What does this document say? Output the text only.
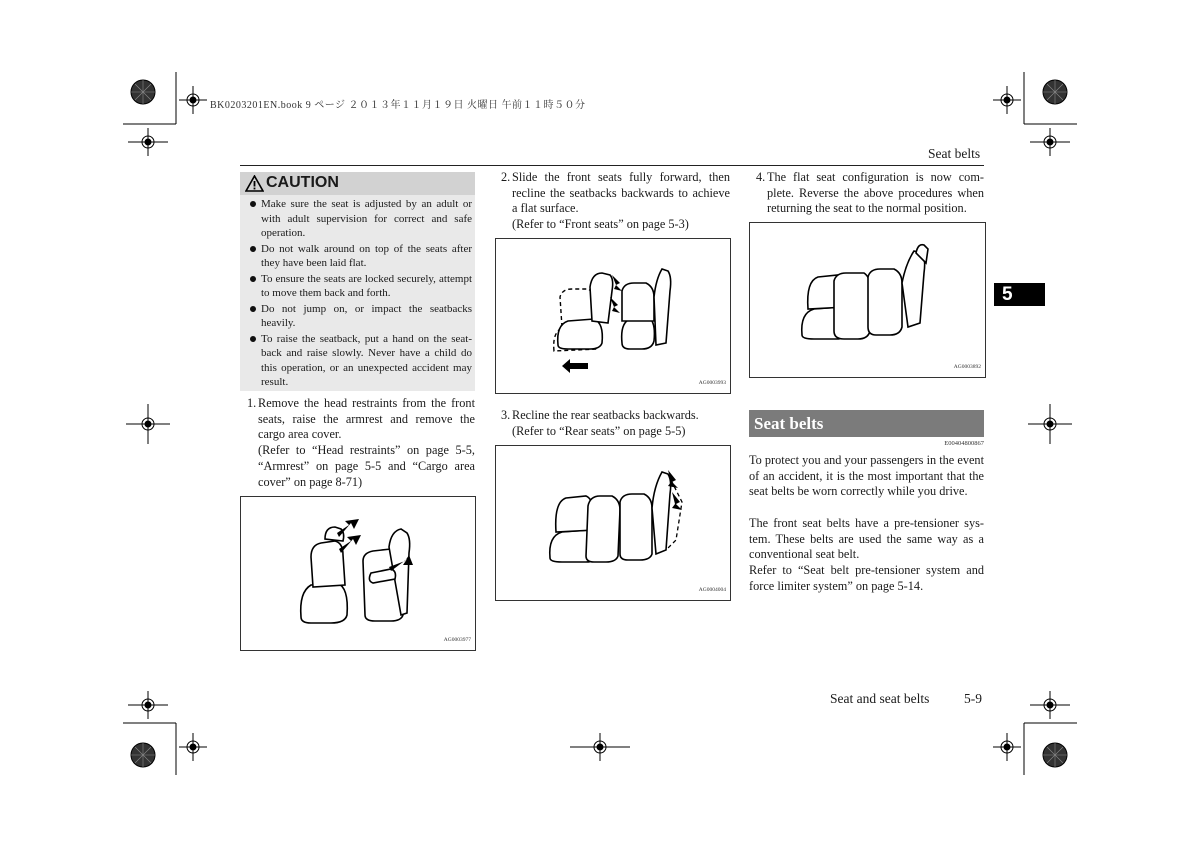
BK0203201EN.book 9 ページ ２０１３年１１月１９日 火曜日 午前１１時５０分
Seat belts
5
CAUTION
Make sure the seat is adjusted by an adult or with adult supervision for correct and safe operation.
Do not walk around on top of the seats after they have been laid flat.
To ensure the seats are locked securely, attempt to move them back and forth.
Do not jump on, or impact the seatbacks heavily.
To raise the seatback, put a hand on the seat-back and raise slowly. Never have a child do this operation, or an unexpected accident may result.
1. Remove the head restraints from the front seats, raise the armrest and remove the cargo area cover.
(Refer to “Head restraints” on page 5-5, “Armrest” on page 5-5 and “Cargo area cover” on page 8-71)
AG0003977
2. Slide the front seats fully forward, then recline the seatbacks backwards to achieve a flat surface.
(Refer to “Front seats” on page 5-3)
AG0003993
3. Recline the rear seatbacks backwards.
(Refer to “Rear seats” on page 5-5)
AG0004004
4. The flat seat configuration is now com-plete. Reverse the above procedures when returning the seat to the normal position.
AG0003892
Seat belts
E00404800867
To protect you and your passengers in the event of an accident, it is the most important that the seat belts be worn correctly while you drive.
The front seat belts have a pre-tensioner sys-tem. These belts are used the same way as a conventional seat belt.
Refer to “Seat belt pre-tensioner system and force limiter system” on page 5-14.
Seat and seat belts	5-9
